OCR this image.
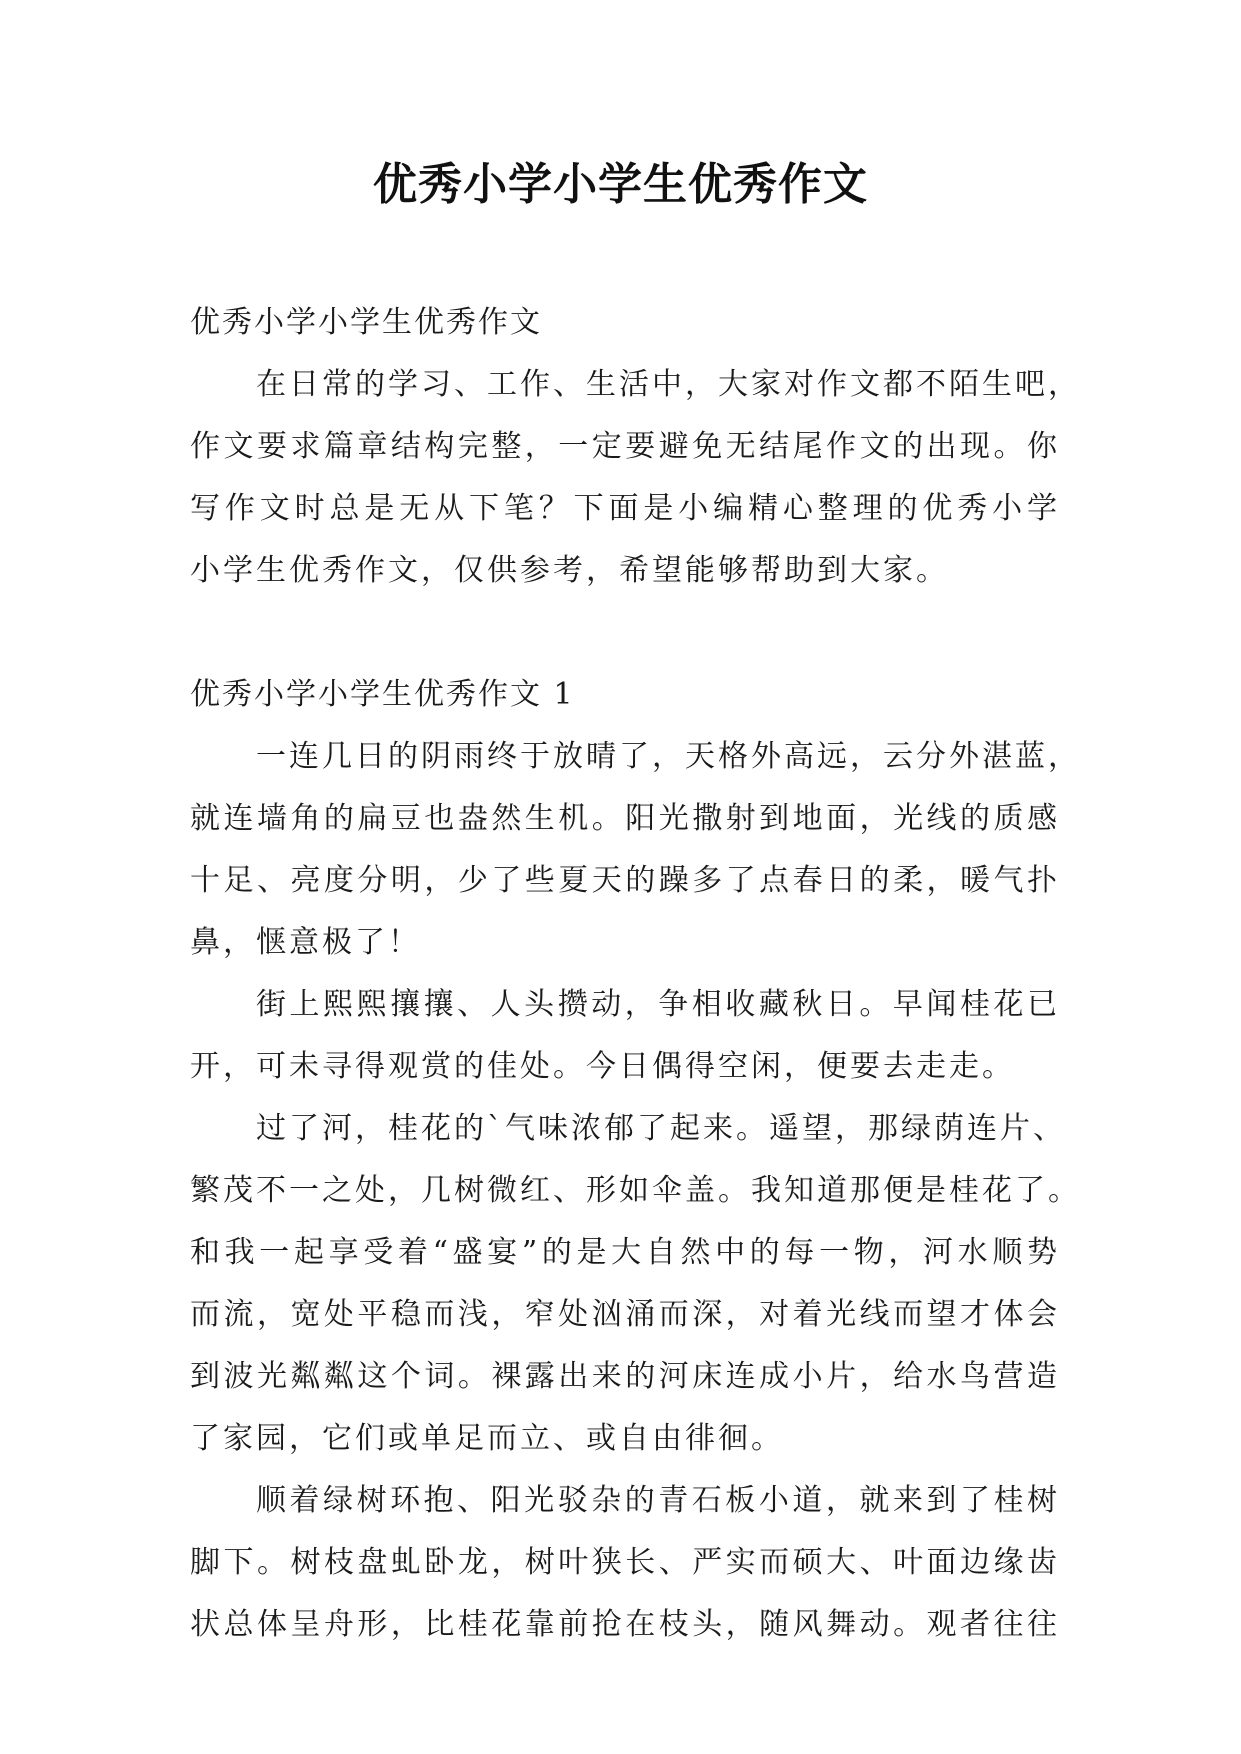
优秀小学小学生优秀作文
优秀小学小学生优秀作文
在日常的学习、工作、生活中，大家对作文都不陌生吧，
作文要求篇章结构完整，一定要避免无结尾作文的出现。你
写作文时总是无从下笔？下面是小编精心整理的优秀小学
小学生优秀作文，仅供参考，希望能够帮助到大家。
优秀小学小学生优秀作文 1
一连几日的阴雨终于放晴了，天格外高远，云分外湛蓝，
就连墙角的扁豆也盎然生机。阳光撒射到地面，光线的质感
十足、亮度分明，少了些夏天的躁多了点春日的柔，暖气扑
鼻，惬意极了！
街上熙熙攘攘、人头攒动，争相收藏秋日。早闻桂花已
开，可未寻得观赏的佳处。今日偶得空闲，便要去走走。
过了河，桂花的`气味浓郁了起来。遥望，那绿荫连片、
繁茂不一之处，几树微红、形如伞盖。我知道那便是桂花了。
和我一起享受着“盛宴”的是大自然中的每一物，河水顺势
而流，宽处平稳而浅，窄处汹涌而深，对着光线而望才体会
到波光粼粼这个词。裸露出来的河床连成小片，给水鸟营造
了家园，它们或单足而立、或自由徘徊。
顺着绿树环抱、阳光驳杂的青石板小道，就来到了桂树
脚下。树枝盘虬卧龙，树叶狭长、严实而硕大、叶面边缘齿
状总体呈舟形，比桂花靠前抢在枝头，随风舞动。观者往往
